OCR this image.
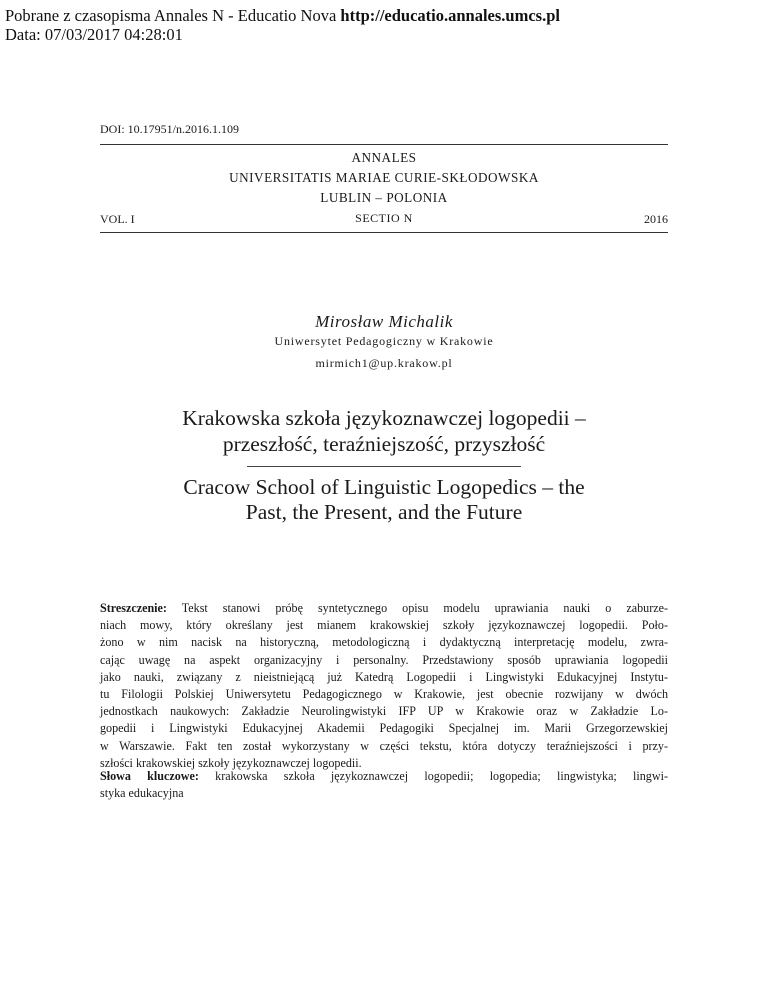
Pobrane z czasopisma Annales N - Educatio Nova http://educatio.annales.umcs.pl
Data: 07/03/2017 04:28:01
DOI: 10.17951/n.2016.1.109
ANNALES
UNIVERSITATIS MARIAE CURIE-SKŁODOWSKA
LUBLIN – POLONIA
VOL. I	SECTIO N	2016
Mirosław Michalik
Uniwersytet Pedagogiczny w Krakowie
mirmich1@up.krakow.pl
Krakowska szkoła językoznawczej logopedii –
przeszłość, teraźniejszość, przyszłość
Cracow School of Linguistic Logopedics – the
Past, the Present, and the Future
Streszczenie: Tekst stanowi próbę syntetycznego opisu modelu uprawiania nauki o zaburze-
niach mowy, który określany jest mianem krakowskiej szkoły językoznawczej logopedii. Poło-
żono w nim nacisk na historyczną, metodologiczną i dydaktyczną interpretację modelu, zwra-
cając uwagę na aspekt organizacyjny i personalny. Przedstawiony sposób uprawiania logopedii
jako nauki, związany z nieistniejącą już Katedrą Logopedii i Lingwistyki Edukacyjnej Instytu-
tu Filologii Polskiej Uniwersytetu Pedagogicznego w Krakowie, jest obecnie rozwijany w dwóch
jednostkach naukowych: Zakładzie Neurolingwistyki IFP UP w Krakowie oraz w Zakładzie Lo-
gopedii i Lingwistyki Edukacyjnej Akademii Pedagogiki Specjalnej im. Marii Grzegorzewskiej
w Warszawie. Fakt ten został wykorzystany w części tekstu, która dotyczy teraźniejszości i przy-
szłości krakowskiej szkoły językoznawczej logopedii.
Słowa kluczowe: krakowska szkoła językoznawczej logopedii; logopedia; lingwistyka; lingwi-
styka edukacyjna
